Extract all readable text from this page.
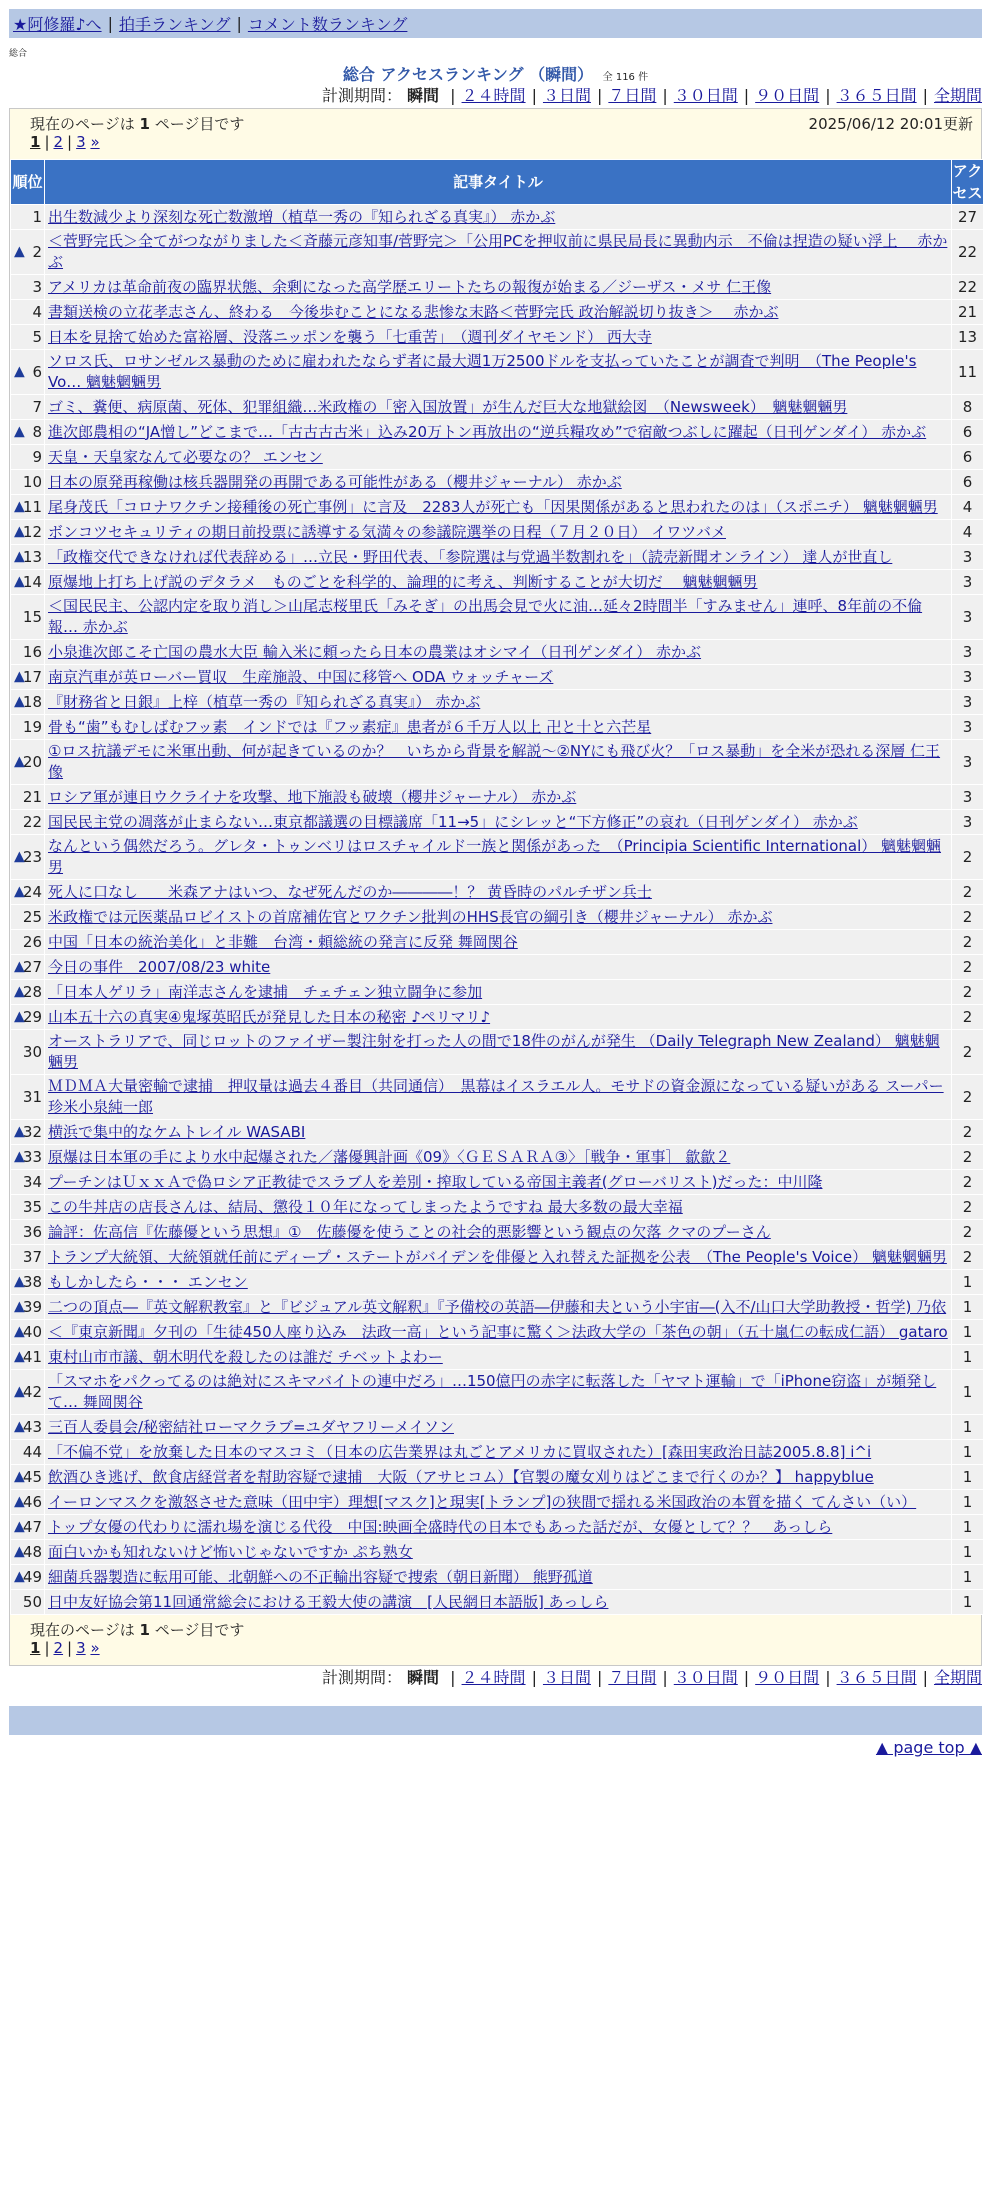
★阿修羅♪へ | 拍手ランキング | コメント数ランキング
総合
総合 アクセスランキング （瞬間） 全 116 件
計測期間： 瞬間 | ２４時間 | ３日間 | ７日間 | ３０日間 | ９０日間 | ３６５日間 | 全期間
現在のページは 1 ページ目です	2025/06/12 20:01更新
1 | 2 | 3 »
順位	記事タイトル	アクセス
1	出生数減少より深刻な死亡数激増（植草一秀の『知られざる真実』） 赤かぶ	27

▲ 2	＜菅野完氏＞全てがつながりました＜斉藤元彦知事/菅野完＞「公用PCを押収前に県民局長に異動内示　不倫は捏造の疑い浮上　 赤かぶ	22
3	アメリカは革命前夜の臨界状態、余剰になった高学歴エリートたちの報復が始まる／ジーザス・メサ 仁王像	22
4	書類送検の立花孝志さん、終わる　今後歩むことになる悲惨な末路＜菅野完氏 政治解説切り抜き＞　 赤かぶ	21
5	日本を見捨て始めた富裕層、没落ニッポンを襲う「七重苦」　（週刊ダイヤモンド） 西大寺	13

▲ 6	ソロス氏、ロサンゼルス暴動のために雇われたならず者に最大週1万2500ドルを支払っていたことが調査で判明　（The People's Vo… 魑魅魍魎男	11
7	ゴミ、糞便、病原菌、死体、犯罪組織…米政権の「密入国放置」が生んだ巨大な地獄絵図　（Newsweek）　魑魅魍魎男	8

▲ 8	進次郎農相の“JA憎し”どこまで…「古古古古米」込み20万トン再放出の“逆兵糧攻め”で宿敵つぶしに躍起（日刊ゲンダイ） 赤かぶ	6
9	天皇・天皇家なんて必要なの？ エンセン	6
10	日本の原発再稼働は核兵器開発の再開である可能性がある（櫻井ジャーナル） 赤かぶ	6

▲
11	尾身茂氏「コロナワクチン接種後の死亡事例」に言及　2283人が死亡も「因果関係があると思われたのは」（スポニチ） 魑魅魍魎男	4

▲
12	ボンコツセキュリティの期日前投票に誘導する気満々の参議院選挙の日程（７月２０日） イワツバメ	4

▲
13	「政権交代できなければ代表辞める」…立民・野田代表、「参院選は与党過半数割れを」（読売新聞オンライン） 達人が世直し	3

▲
14	原爆地上打ち上げ説のデタラメ　ものごとを科学的、論理的に考え、判断することが大切だ　 魑魅魍魎男	3
15	＜国民民主、公認内定を取り消し＞山尾志桜里氏「みそぎ」の出馬会見で火に油…延々2時間半「すみません」連呼、8年前の不倫報… 赤かぶ	3
16	小泉進次郎こそ亡国の農水大臣 輸入米に頼ったら日本の農業はオシマイ（日刊ゲンダイ） 赤かぶ	3

▲
17	南京汽車が英ローバー買収　生産施設、中国に移管へ ODA ウォッチャーズ	3

▲
18	『財務省と日銀』上梓（植草一秀の『知られざる真実』） 赤かぶ	3
19	骨も“歯”もむしばむフッ素　インドでは『フッ素症』患者が６千万人以上 卍と十と六芒星	3

▲
20	①ロス抗議デモに米軍出動、何が起きているのか？　いちから背景を解説～②NYにも飛び火？「ロス暴動」を全米が恐れる深層 仁王像	3
21	ロシア軍が連日ウクライナを攻撃、地下施設も破壊（櫻井ジャーナル） 赤かぶ	3
22	国民民主党の凋落が止まらない…東京都議選の目標議席「11→5」にシレッと“下方修正”の哀れ（日刊ゲンダイ） 赤かぶ	3

▲
23	なんという偶然だろう。グレタ・トゥンベリはロスチャイルド一族と関係があった　（Principia Scientific International） 魑魅魍魎男	2

▲
24	死人に口なし　　米森アナはいつ、なぜ死んだのか――――！？ 黄昏時のパルチザン兵士	2
25	米政権では元医薬品ロビイストの首席補佐官とワクチン批判のHHS長官の綱引き（櫻井ジャーナル） 赤かぶ	2
26	中国「日本の統治美化」と非難　台湾・頼総統の発言に反発 舞岡関谷	2

▲
27	今日の事件　2007/08/23 white	2

▲
28	「日本人ゲリラ」南洋志さんを逮捕　チェチェン独立闘争に参加	2

▲
29	山本五十六の真実④鬼塚英昭氏が発見した日本の秘密 ♪ペリマリ♪	2
30	オーストラリアで、同じロットのファイザー製注射を打った人の間で18件のがんが発生 （Daily Telegraph New Zealand） 魑魅魍魎男	2
31	ＭＤＭＡ大量密輸で逮捕　押収量は過去４番目（共同通信）　黒幕はイスラエル人。モサドの資金源になっている疑いがある スーパー珍米小泉純一郎	2

▲
32	横浜で集中的なケムトレイル WASABI	2

▲
33	原爆は日本軍の手により水中起爆された／藩優興計画《09》〈ＧＥＳＡＲＡ③〉［戦争・軍事］ 歙歙２	2
34	プーチンはＵｘｘＡで偽ロシア正教徒でスラブ人を差別・搾取している帝国主義者(グローバリスト)だった：中川隆	2
35	この牛丼店の店長さんは、結局、懲役１０年になってしまったようですね 最大多数の最大幸福	2
36	論評：佐高信『佐藤優という思想』①　佐藤優を使うことの社会的悪影響という観点の欠落 クマのプーさん	2
37	トランプ大統領、大統領就任前にディープ・ステートがバイデンを俳優と入れ替えた証拠を公表　（The People's Voice） 魑魅魍魎男	2

▲
38	もしかしたら・・・ エンセン	1

▲
39	二つの頂点―『英文解釈教室』と『ビジュアル英文解釈』『予備校の英語―伊藤和夫という小宇宙―(入不/山口大学助教授・哲学) 乃依	1

▲
40	＜『東京新聞』夕刊の「生徒450人座り込み　法政一高」という記事に驚く＞法政大学の「茶色の朝」（五十嵐仁の転成仁語） gataro	1

▲
41	東村山市市議、朝木明代を殺したのは誰だ チベットよわー	1

▲
42	「スマホをパクってるのは絶対にスキマバイトの連中だろ」…150億円の赤字に転落した「ヤマト運輸」で「iPhone窃盗」が頻発して… 舞岡関谷	1

▲
43	三百人委員会/秘密結社ローマクラブ=ユダヤフリーメイソン	1
44	「不偏不党」を放棄した日本のマスコミ（日本の広告業界は丸ごとアメリカに買収された）[森田実政治日誌2005.8.8] i^i	1

▲
45	飲酒ひき逃げ、飲食店経営者を幇助容疑で逮捕　大阪（アサヒコム）【官製の魔女刈りはどこまで行くのか？】 happyblue	1

▲
46	イーロンマスクを激怒させた意味（田中宇）理想[マスク]と現実[トランプ]の狭間で揺れる米国政治の本質を描く てんさい（い）	1

▲
47	トップ女優の代わりに濡れ場を演じる代役　中国:映画全盛時代の日本でもあった話だが、女優として？？　あっしら	1

▲
48	面白いかも知れないけど怖いじゃないですか ぷち熟女	1

▲
49	細菌兵器製造に転用可能、北朝鮮への不正輸出容疑で捜索（朝日新聞） 熊野孤道	1
50	日中友好協会第11回通常総会における王毅大使の講演　[人民網日本語版] あっしら	1
現在のページは 1 ページ目です
1 | 2 | 3 »
計測期間： 瞬間 | ２４時間 | ３日間 | ７日間 | ３０日間 | ９０日間 | ３６５日間 | 全期間
▲ page top ▲
